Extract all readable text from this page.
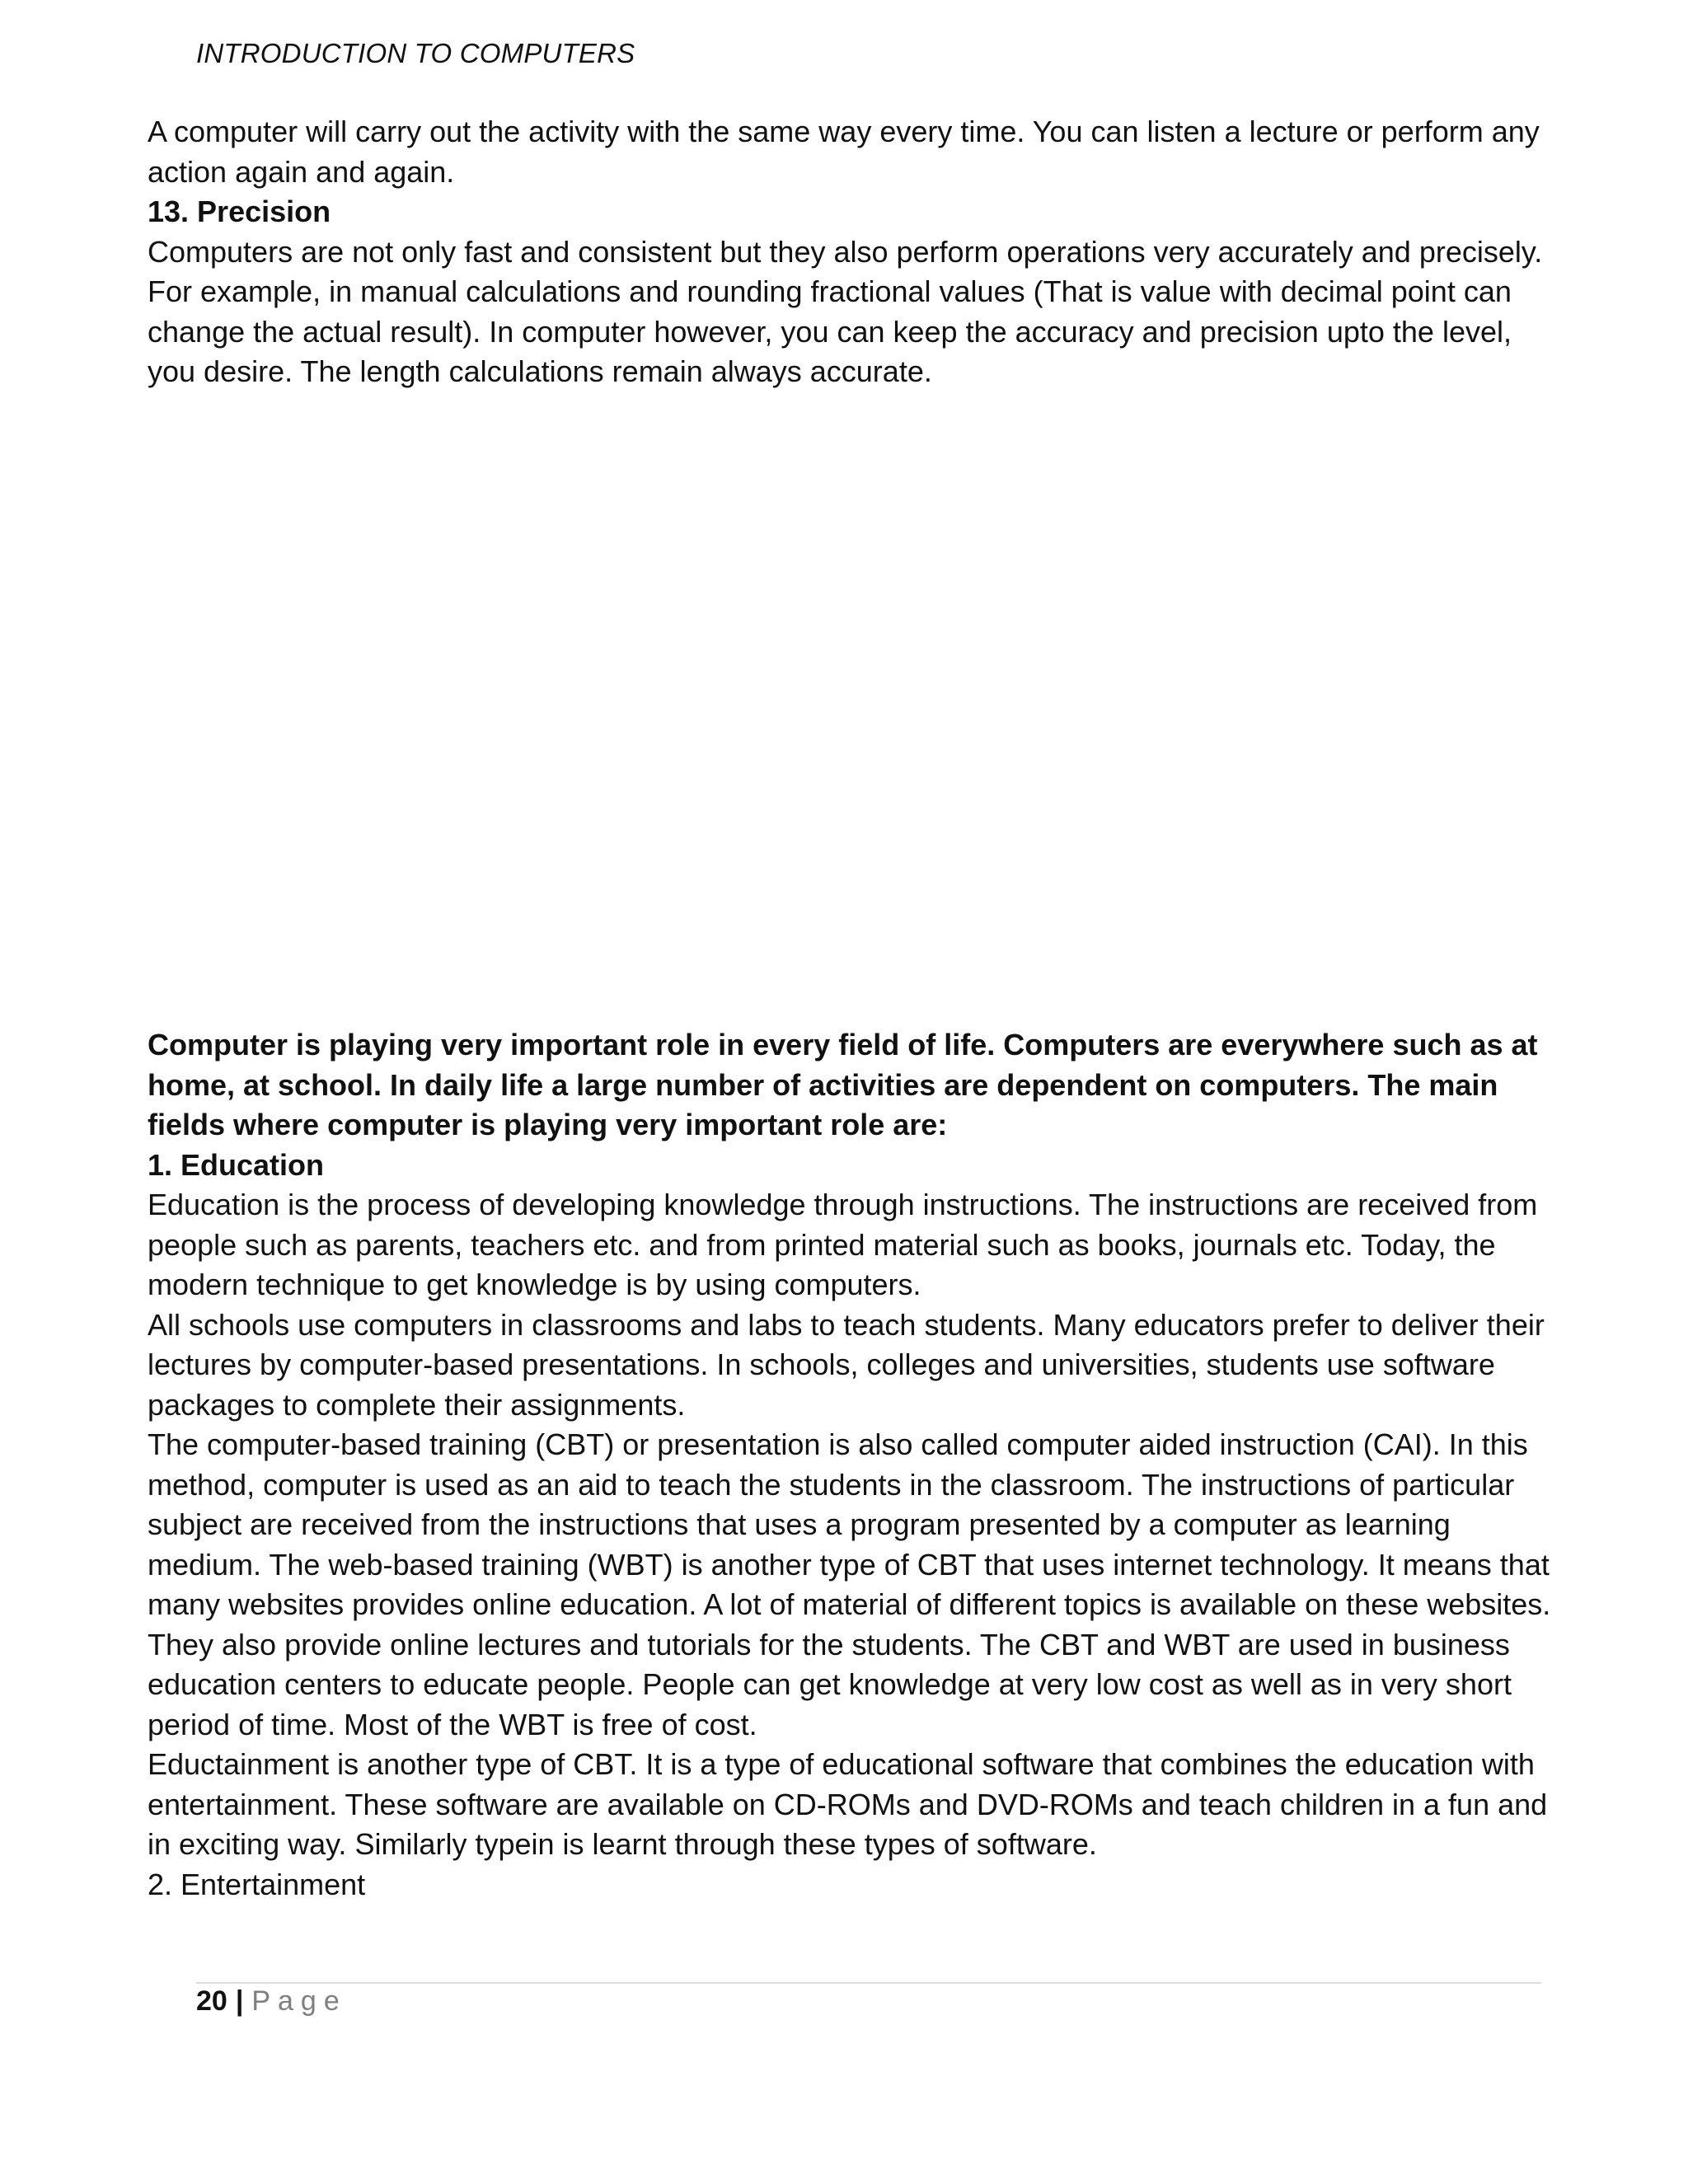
INTRODUCTION TO COMPUTERS

A computer will carry out the activity with the same way every time. You can listen a lecture or perform any action again and again.

13. Precision

Computers are not only fast and consistent but they also perform operations very accurately and precisely. For example, in manual calculations and rounding fractional values (That is value with decimal point can change the actual result). In computer however, you can keep the accuracy and precision upto the level, you desire. The length calculations remain always accurate.

Computer is playing very important role in every field of life. Computers are everywhere such as at home, at school. In daily life a large number of activities are dependent on computers. The main fields where computer is playing very important role are:

1. Education

Education is the process of developing knowledge through instructions. The instructions are received from people such as parents, teachers etc. and from printed material such as books, journals etc. Today, the modern technique to get knowledge is by using computers.

All schools use computers in classrooms and labs to teach students. Many educators prefer to deliver their lectures by computer-based presentations. In schools, colleges and universities, students use software packages to complete their assignments.

The computer-based training (CBT) or presentation is also called computer aided instruction (CAI). In this method, computer is used as an aid to teach the students in the classroom. The instructions of particular subject are received from the instructions that uses a program presented by a computer as learning medium. The web-based training (WBT) is another type of CBT that uses internet technology. It means that many websites provides online education. A lot of material of different topics is available on these websites. They also provide online lectures and tutorials for the students. The CBT and WBT are used in business education centers to educate people. People can get knowledge at very low cost as well as in very short period of time. Most of the WBT is free of cost.

Eductainment is another type of CBT. It is a type of educational software that combines the education with entertainment. These software are available on CD-ROMs and DVD-ROMs and teach children in a fun and in exciting way. Similarly typein is learnt through these types of software.

2. Entertainment
20 | Page
